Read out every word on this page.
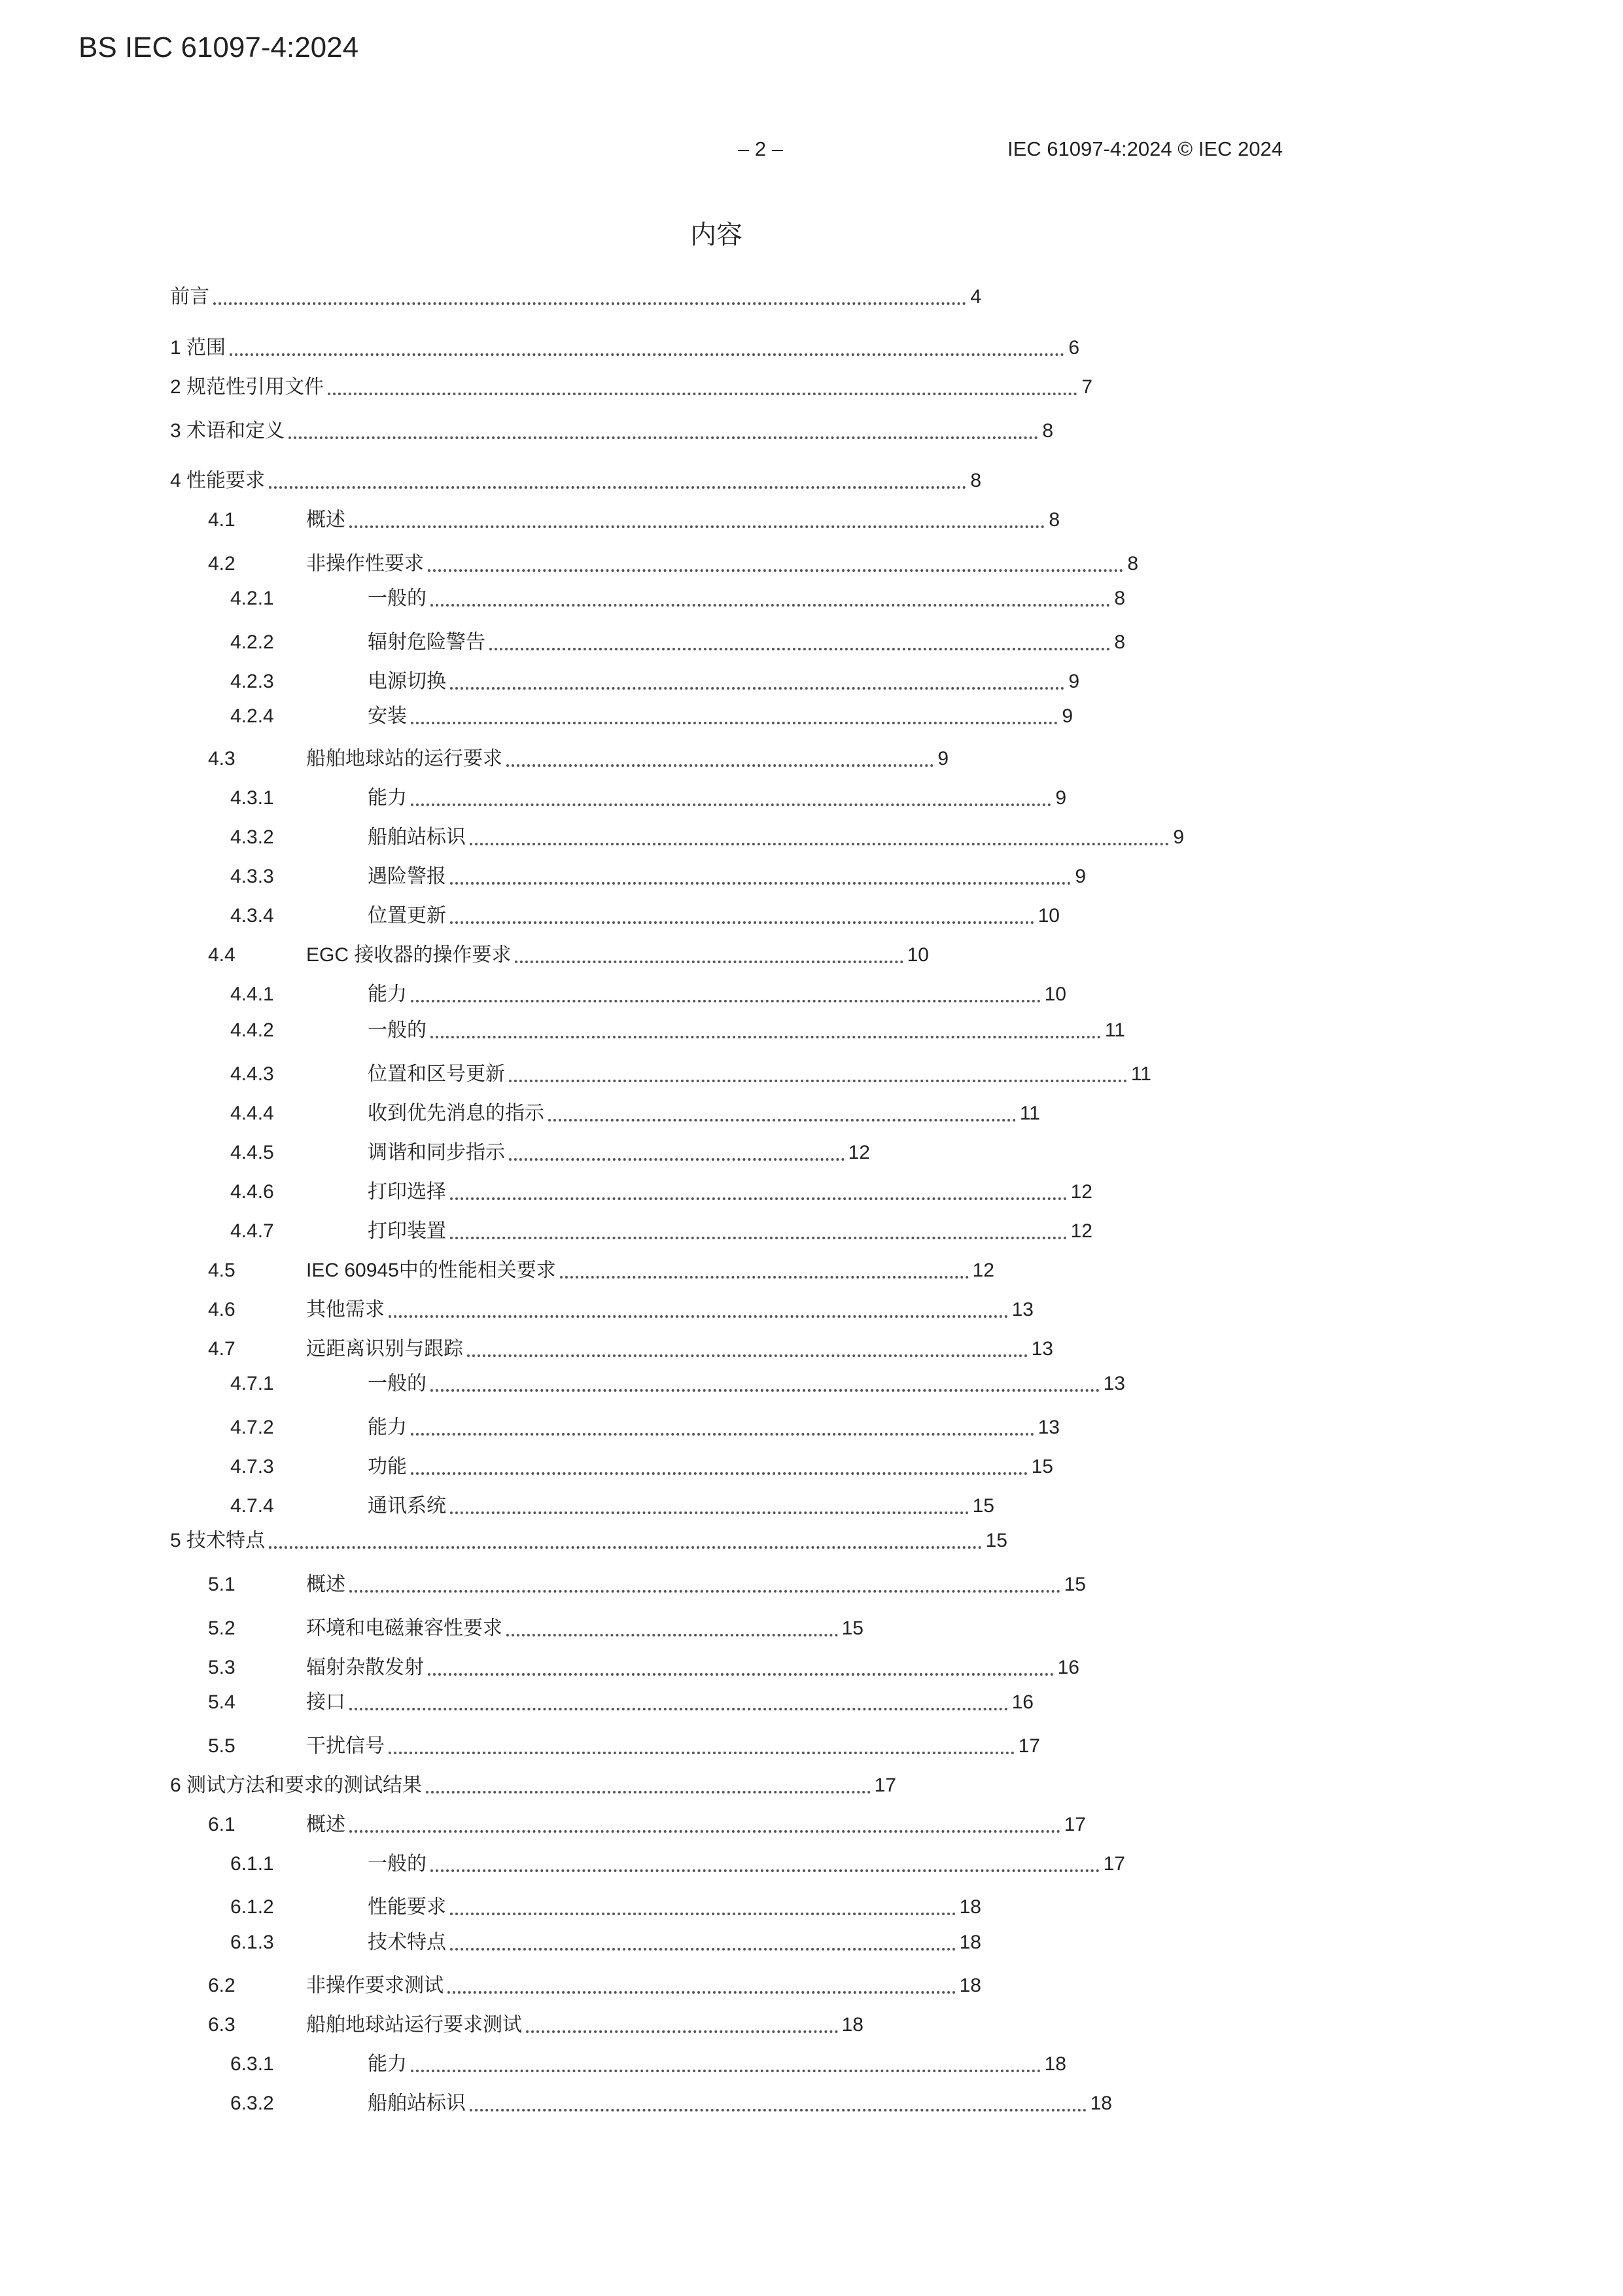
BS IEC 61097-4:2024
– 2 –	IEC 61097-4:2024 © IEC 2024
内容
前言	4
1 范围	6
2 规范性引用文件	7
3 术语和定义	8
4 性能要求	8
4.1	概述	8
4.2	非操作性要求	8
4.2.1	一般的	8
4.2.2	辐射危险警告	8
4.2.3	电源切换	9
4.2.4	安装	9
4.3	船舶地球站的运行要求	9
4.3.1	能力	9
4.3.2	船舶站标识	9
4.3.3	遇险警报	9
4.3.4	位置更新	10
4.4	EGC 接收器的操作要求	10
4.4.1	能力	10
4.4.2	一般的	11
4.4.3	位置和区号更新	11
4.4.4	收到优先消息的指示	11
4.4.5	调谐和同步指示	12
4.4.6	打印选择	12
4.4.7	打印装置	12
4.5	IEC 60945中的性能相关要求	12
4.6	其他需求	13
4.7	远距离识别与跟踪	13
4.7.1	一般的	13
4.7.2	能力	13
4.7.3	功能	15
4.7.4	通讯系统	15
5 技术特点	15
5.1	概述	15
5.2	环境和电磁兼容性要求	15
5.3	辐射杂散发射	16
5.4	接口	16
5.5	干扰信号	17
6 测试方法和要求的测试结果	17
6.1	概述	17
6.1.1	一般的	17
6.1.2	性能要求	18
6.1.3	技术特点	18
6.2	非操作要求测试	18
6.3	船舶地球站运行要求测试	18
6.3.1	能力	18
6.3.2	船舶站标识	18
